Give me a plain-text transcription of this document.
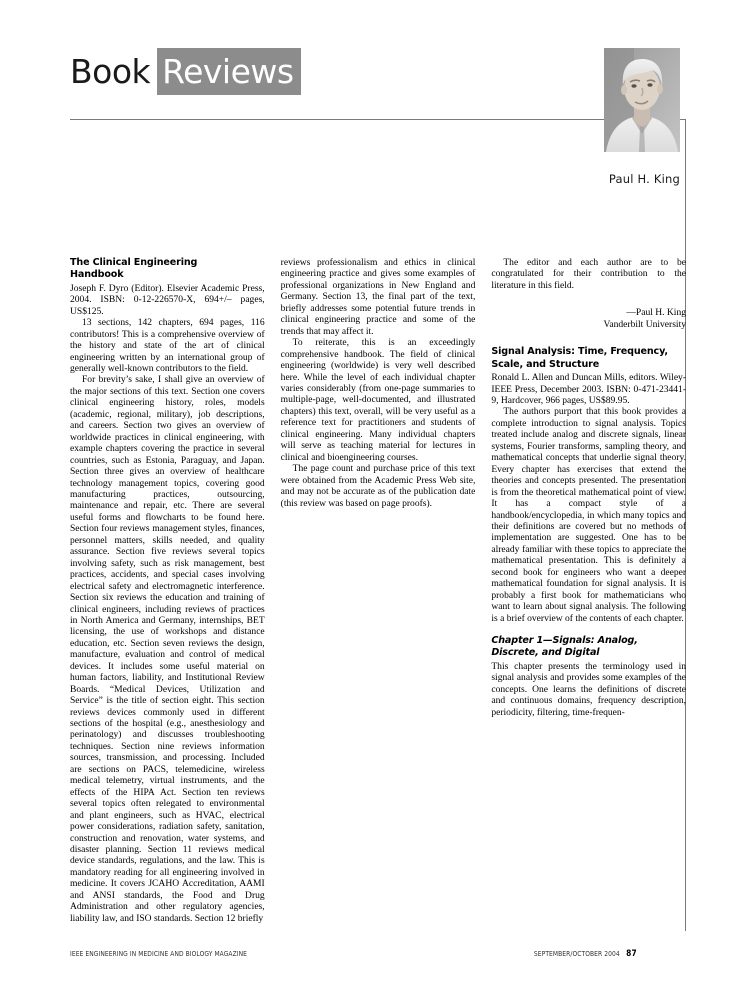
Book Reviews
Paul H. King
The Clinical Engineering
Handbook

Joseph F. Dyro (Editor). Elsevier Academic Press, 2004. ISBN: 0-12-226570-X, 694+/– pages, US$125.

13 sections, 142 chapters, 694 pages, 116 contributors! This is a comprehensive overview of the history and state of the art of clinical engineering written by an international group of generally well-known contributors to the field.

For brevity’s sake, I shall give an overview of the major sections of this text. Section one covers clinical engineering history, roles, models (academic, regional, military), job descriptions, and careers. Section two gives an overview of worldwide practices in clinical engineering, with example chapters covering the practice in several countries, such as Estonia, Paraguay, and Japan. Section three gives an overview of healthcare technology management topics, covering good manufacturing practices, outsourcing, maintenance and repair, etc. There are several useful forms and flowcharts to be found here. Section four reviews management styles, finances, personnel matters, skills needed, and quality assurance. Section five reviews several topics involving safety, such as risk management, best practices, accidents, and special cases involving electrical safety and electromagnetic interference. Section six reviews the education and training of clinical engineers, including reviews of practices in North America and Germany, internships, BET licensing, the use of workshops and distance education, etc. Section seven reviews the design, manufacture, evaluation and control of medical devices. It includes some useful material on human factors, liability, and Institutional Review Boards. “Medical Devices, Utilization and Service” is the title of section eight. This section reviews devices commonly used in different sections of the hospital (e.g., anesthesiology and perinatology) and discusses troubleshooting techniques. Section nine reviews information sources, transmission, and processing. Included are sections on PACS, telemedicine, wireless medical telemetry, virtual instruments, and the effects of the HIPA Act. Section ten reviews several topics often relegated to environmental and plant engineers, such as HVAC, electrical power considerations, radiation safety, sanitation, construction and renovation, water systems, and disaster planning. Section 11 reviews medical device standards, regulations, and the law. This is mandatory reading for all engineering involved in medicine. It covers JCAHO Accreditation, AAMI and ANSI standards, the Food and Drug Administration and other regulatory agencies, liability law, and ISO standards. Section 12 briefly

reviews professionalism and ethics in clinical engineering practice and gives some examples of professional organizations in New England and Germany. Section 13, the final part of the text, briefly addresses some potential future trends in clinical engineering practice and some of the trends that may affect it.

To reiterate, this is an exceedingly comprehensive handbook. The field of clinical engineering (worldwide) is very well described here. While the level of each individual chapter varies considerably (from one-page summaries to multiple-page, well-documented, and illustrated chapters) this text, overall, will be very useful as a reference text for practitioners and students of clinical engineering. Many individual chapters will serve as teaching material for lectures in clinical and bioengineering courses.

The page count and purchase price of this text were obtained from the Academic Press Web site, and may not be accurate as of the publication date (this review was based on page proofs).

The editor and each author are to be congratulated for their contribution to the literature in this field.

—Paul H. King

Vanderbilt University

Signal Analysis: Time, Frequency,
Scale, and Structure

Ronald L. Allen and Duncan Mills, editors. Wiley-IEEE Press, December 2003. ISBN: 0-471-23441-9, Hardcover, 966 pages, US$89.95.

The authors purport that this book provides a complete introduction to signal analysis. Topics treated include analog and discrete signals, linear systems, Fourier transforms, sampling theory, and mathematical concepts that underlie signal theory. Every chapter has exercises that extend the theories and concepts presented. The presentation is from the theoretical mathematical point of view. It has a compact style of a handbook/encyclopedia, in which many topics and their definitions are covered but no methods of implementation are suggested. One has to be already familiar with these topics to appreciate the mathematical presentation. This is definitely a second book for engineers who want a deeper mathematical foundation for signal analysis. It is probably a first book for mathematicians who want to learn about signal analysis. The following is a brief overview of the contents of each chapter.

Chapter 1—Signals: Analog,
Discrete, and Digital

This chapter presents the terminology used in signal analysis and provides some examples of the concepts. One learns the definitions of discrete and continuous domains, frequency description, periodicity, filtering, time-frequen-

IEEE ENGINEERING IN MEDICINE AND BIOLOGY MAGAZINE	SEPTEMBER/OCTOBER 2004 87
